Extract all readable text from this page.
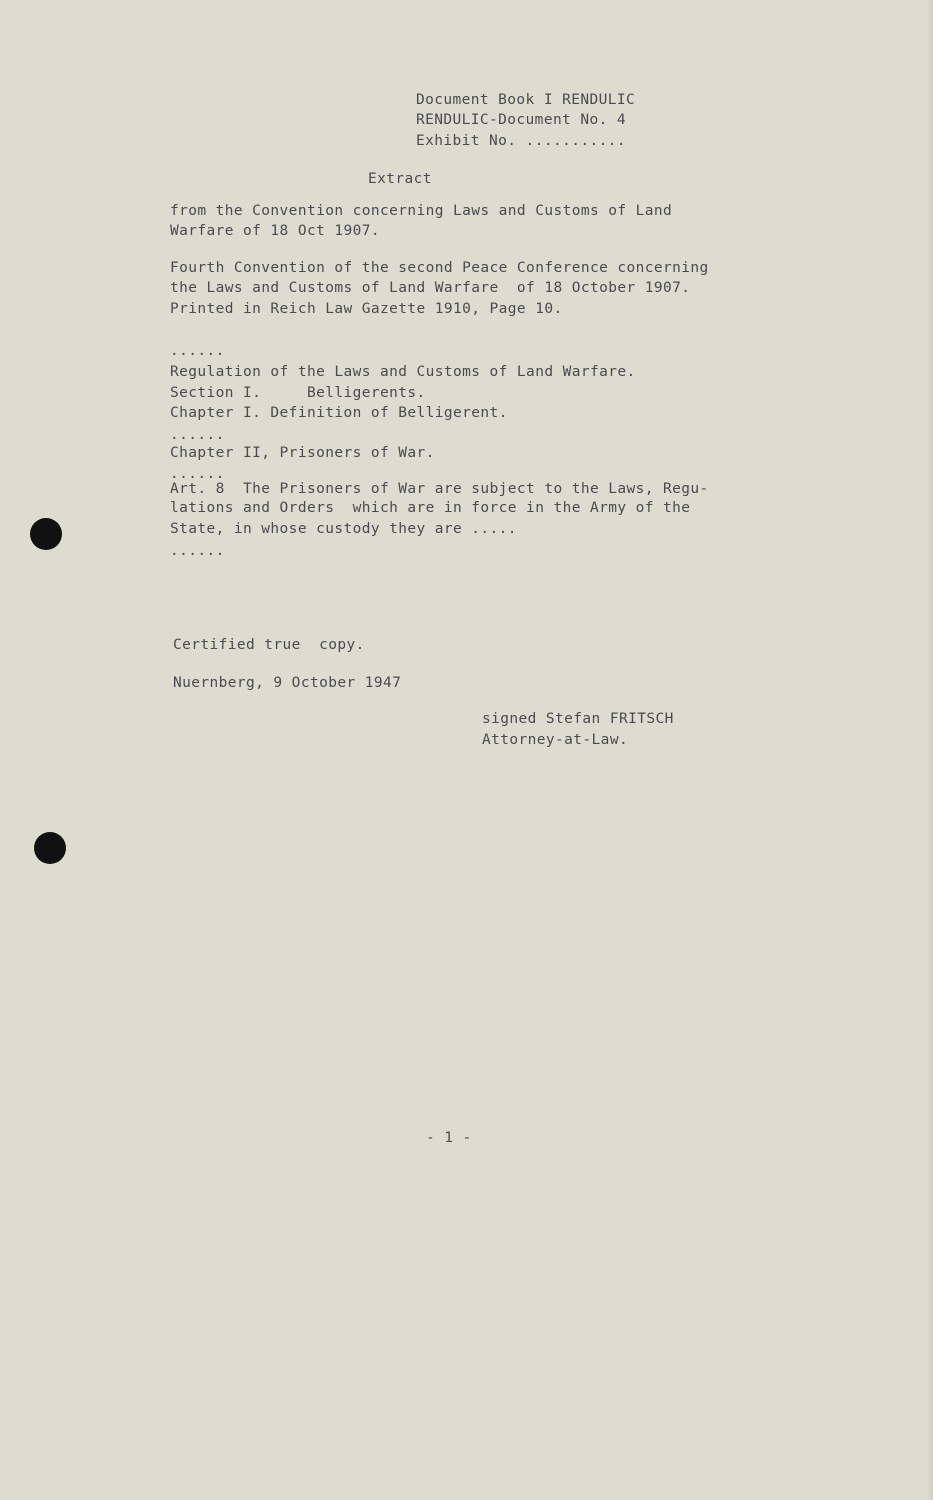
Document Book I RENDULIC
RENDULIC-Document No. 4
Exhibit No. ...........
Extract
from the Convention concerning Laws and Customs of Land
Warfare of 18 Oct 1907.
Fourth Convention of the second Peace Conference concerning
the Laws and Customs of Land Warfare  of 18 October 1907.
Printed in Reich Law Gazette 1910, Page 10.
......
Regulation of the Laws and Customs of Land Warfare.
Section I.     Belligerents.
Chapter I. Definition of Belligerent.
......
Chapter II, Prisoners of War.
......
Art. 8  The Prisoners of War are subject to the Laws, Regu-
lations and Orders  which are in force in the Army of the
State, in whose custody they are .....
......
Certified true  copy.
Nuernberg, 9 October 1947
signed Stefan FRITSCH
Attorney-at-Law.
- 1 -
